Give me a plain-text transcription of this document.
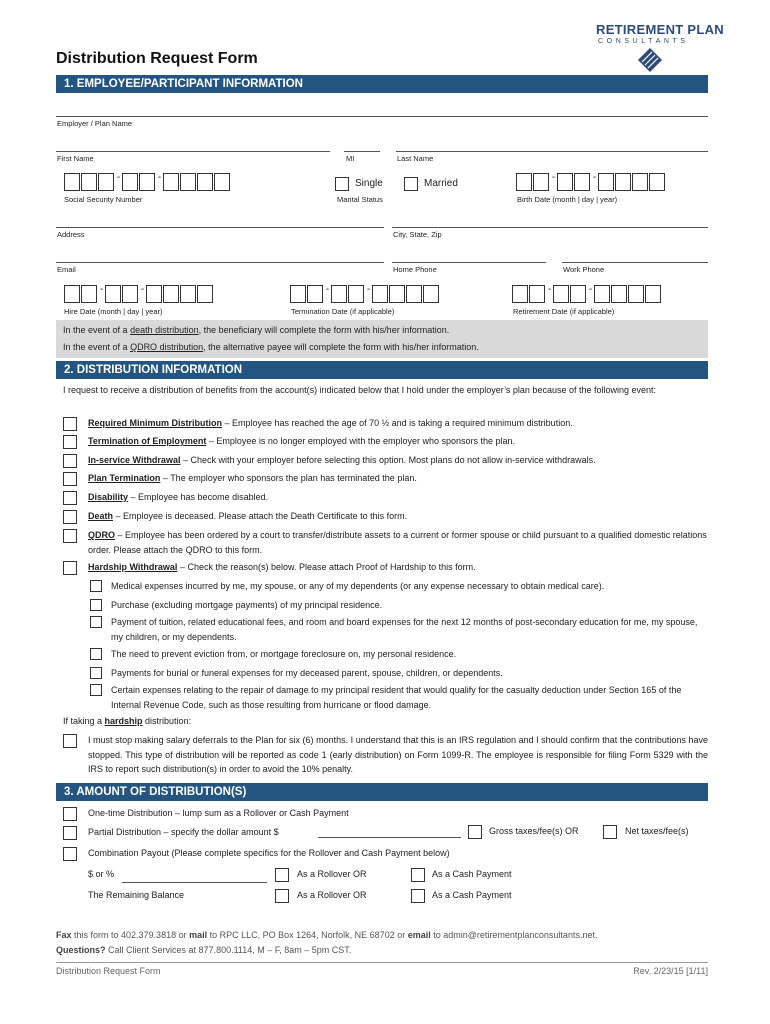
RETIREMENT PLAN
CONSULTANTS
Distribution Request Form
1. EMPLOYEE/PARTICIPANT INFORMATION
Employer / Plan Name
First Name	MI	Last Name
-	-
Social Security Number
Single	Married
Marital Status
-	-
Birth Date (month | day | year)
Address	City, State, Zip
Email	Home Phone	Work Phone
-	-
Hire Date (month | day | year)
-	-
Termination Date (if applicable)
-	-
Retirement Date (if applicable)
In the event of a death distribution, the beneficiary will complete the form with his/her information.
In the event of a QDRO distribution, the alternative payee will complete the form with his/her information.
2. DISTRIBUTION INFORMATION
I request to receive a distribution of benefits from the account(s) indicated below that I hold under the employer’s plan because of the following event:
Required Minimum Distribution – Employee has reached the age of 70 ½ and is taking a required minimum distribution.
Termination of Employment – Employee is no longer employed with the employer who sponsors the plan.
In-service Withdrawal – Check with your employer before selecting this option. Most plans do not allow in-service withdrawals.
Plan Termination – The employer who sponsors the plan has terminated the plan.
Disability – Employee has become disabled.
Death – Employee is deceased. Please attach the Death Certificate to this form.
QDRO – Employee has been ordered by a court to transfer/distribute assets to a current or former spouse or child pursuant to a qualified domestic relations order. Please attach the QDRO to this form.
Hardship Withdrawal – Check the reason(s) below. Please attach Proof of Hardship to this form.
Medical expenses incurred by me, my spouse, or any of my dependents (or any expense necessary to obtain medical care).
Purchase (excluding mortgage payments) of my principal residence.
Payment of tuition, related educational fees, and room and board expenses for the next 12 months of post-secondary education for me, my spouse, my children, or my dependents.
The need to prevent eviction from, or mortgage foreclosure on, my personal residence.
Payments for burial or funeral expenses for my deceased parent, spouse, children, or dependents.
Certain expenses relating to the repair of damage to my principal resident that would qualify for the casualty deduction under Section 165 of the Internal Revenue Code, such as those resulting from hurricane or flood damage.
If taking a hardship distribution:
I must stop making salary deferrals to the Plan for six (6) months. I understand that this is an IRS regulation and I should confirm that the contributions have stopped. This type of distribution will be reported as code 1 (early distribution) on Form 1099-R. The employee is responsible for filing Form 5329 with the IRS to report such distribution(s) in order to avoid the 10% penalty.
3. AMOUNT OF DISTRIBUTION(S)
One-time Distribution – lump sum as a Rollover or Cash Payment
Partial Distribution – specify the dollar amount $	Gross taxes/fee(s) OR	Net taxes/fee(s)
Combination Payout (Please complete specifics for the Rollover and Cash Payment below)
$ or %	As a Rollover OR	As a Cash Payment
The Remaining Balance	As a Rollover OR	As a Cash Payment
Fax this form to 402.379.3818 or mail to RPC LLC, PO Box 1264, Norfolk, NE 68702 or email to admin@retirementplanconsultants.net.
Questions? Call Client Services at 877.800.1114, M – F, 8am – 5pm CST.
Distribution Request Form	Rev. 2/23/15 [1/11]
